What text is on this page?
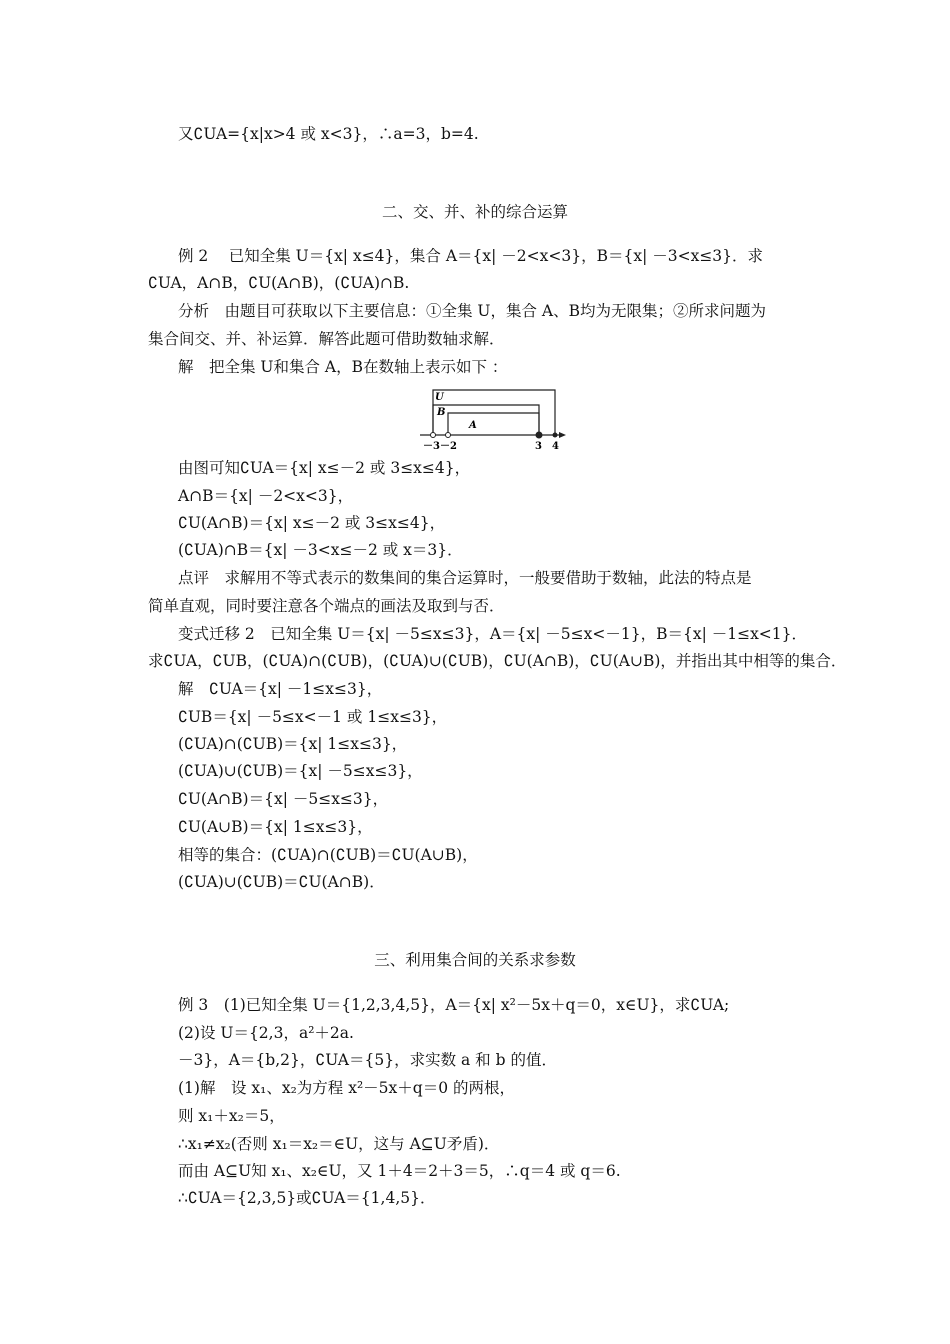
又∁UA={x|x>4 或 x<3}，∴a=3，b=4.
二、交、并、补的综合运算
例 2　 已知全集 U＝{x| x≤4}，集合 A＝{x| －2<x<3}，B＝{x| －3<x≤3}．求
∁UA，A∩B，∁U(A∩B)，(∁UA)∩B.
分析　由题目可获取以下主要信息：①全集 U，集合 A、B均为无限集；②所求问题为
集合间交、并、补运算．解答此题可借助数轴求解．
解　把全集 U和集合 A，B在数轴上表示如下 ：
U
B
A
－3 －2	3 4
由图可知∁UA＝{x| x≤－2 或 3≤x≤4}，
A∩B＝{x| －2<x<3}，
∁U(A∩B)＝{x| x≤－2 或 3≤x≤4}，
(∁UA)∩B＝{x| －3<x≤－2 或 x＝3}．
点评　求解用不等式表示的数集间的集合运算时，一般要借助于数轴，此法的特点是
简单直观，同时要注意各个端点的画法及取到与否．
变式迁移 2　已知全集 U＝{x| －5≤x≤3}，A＝{x| －5≤x<－1}，B＝{x| －1≤x<1}．
求∁UA，∁UB，(∁UA)∩(∁UB)，(∁UA)∪(∁UB)，∁U(A∩B)，∁U(A∪B)，并指出其中相等的集合．
解　∁UA＝{x| －1≤x≤3}，
∁UB＝{x| －5≤x<－1 或 1≤x≤3}，
(∁UA)∩(∁UB)＝{x| 1≤x≤3}，
(∁UA)∪(∁UB)＝{x| －5≤x≤3}，
∁U(A∩B)＝{x| －5≤x≤3}，
∁U(A∪B)＝{x| 1≤x≤3}，
相等的集合：(∁UA)∩(∁UB)＝∁U(A∪B)，
(∁UA)∪(∁UB)＝∁U(A∩B)．
三、利用集合间的关系求参数
例 3　(1)已知全集 U＝{1,2,3,4,5}，A＝{x| x²－5x＋q＝0，x∈U}，求∁UA;
(2)设 U＝{2,3，a²＋2a.
－3}，A＝{b,2}，∁UA＝{5}，求实数 a 和 b 的值．
(1)解　设 x₁、x₂为方程 x²－5x＋q＝0 的两根，
则 x₁＋x₂＝5，
∴x₁≠x₂(否则 x₁＝x₂＝∈U，这与 A⊆U矛盾)．
而由 A⊆U知 x₁、x₂∈U，又 1＋4＝2＋3＝5，∴q＝4 或 q＝6.
∴∁UA＝{2,3,5}或∁UA＝{1,4,5}．
